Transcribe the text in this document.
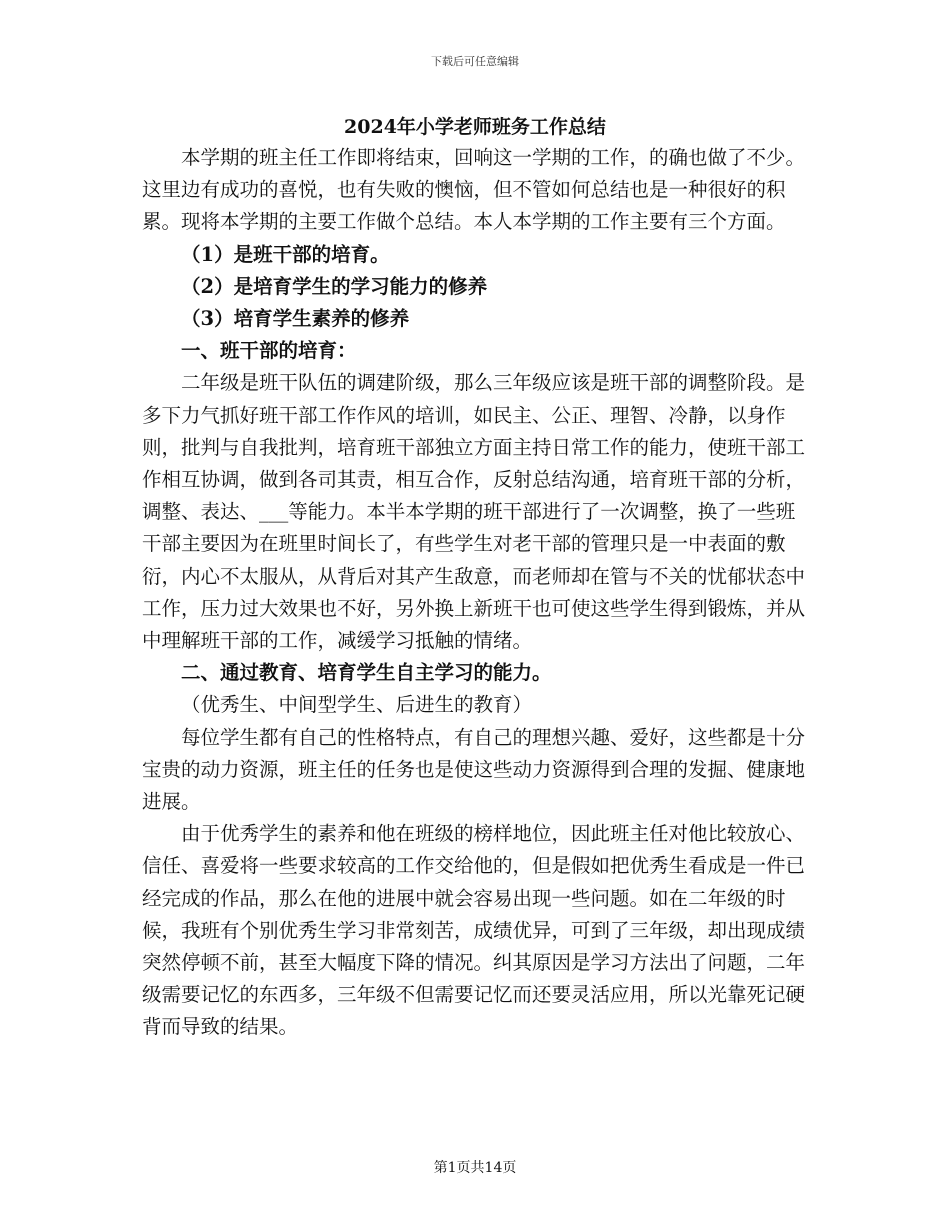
下载后可任意编辑
2024年小学老师班务工作总结

本学期的班主任工作即将结束，回响这一学期的工作，的确也做了不少。这里边有成功的喜悦，也有失败的懊恼，但不管如何总结也是一种很好的积累。现将本学期的主要工作做个总结。本人本学期的工作主要有三个方面。

（1）是班干部的培育。

（2）是培育学生的学习能力的修养

（3）培育学生素养的修养

一、班干部的培育：

二年级是班干队伍的调建阶级，那么三年级应该是班干部的调整阶段。是多下力气抓好班干部工作作风的培训，如民主、公正、理智、冷静，以身作则，批判与自我批判，培育班干部独立方面主持日常工作的能力，使班干部工作相互协调，做到各司其责，相互合作，反射总结沟通，培育班干部的分析，调整、表达、___等能力。本半本学期的班干部进行了一次调整，换了一些班干部主要因为在班里时间长了，有些学生对老干部的管理只是一中表面的敷衍，内心不太服从，从背后对其产生敌意，而老师却在管与不关的忧郁状态中工作，压力过大效果也不好，另外换上新班干也可使这些学生得到锻炼，并从中理解班干部的工作，减缓学习抵触的情绪。

二、通过教育、培育学生自主学习的能力。

（优秀生、中间型学生、后进生的教育）

每位学生都有自己的性格特点，有自己的理想兴趣、爱好，这些都是十分宝贵的动力资源，班主任的任务也是使这些动力资源得到合理的发掘、健康地进展。

由于优秀学生的素养和他在班级的榜样地位，因此班主任对他比较放心、信任、喜爱将一些要求较高的工作交给他的，但是假如把优秀生看成是一件已经完成的作品，那么在他的进展中就会容易出现一些问题。如在二年级的时候，我班有个别优秀生学习非常刻苦，成绩优异，可到了三年级，却出现成绩突然停顿不前，甚至大幅度下降的情况。纠其原因是学习方法出了问题，二年级需要记忆的东西多，三年级不但需要记忆而还要灵活应用，所以光靠死记硬背而导致的结果。

第1页共14页
